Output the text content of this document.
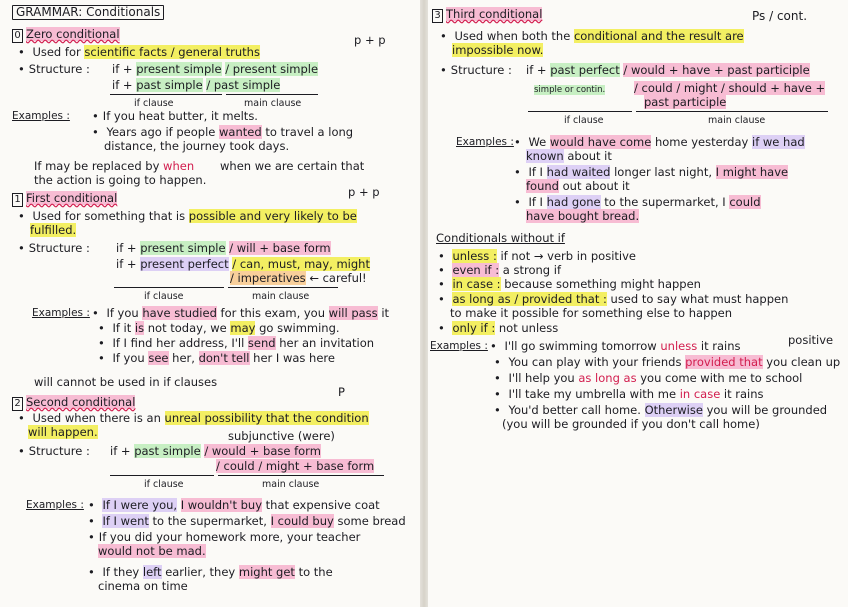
GRAMMAR: Conditionals
0 Zero conditional	p + p
• Used for scientific facts / general truths
• Structure : if + present simple / present simple
if + past simple / past simple
if clause	main clause
Examples :	• If you heat butter, it melts.
• Years ago if people wanted to travel a long
distance, the journey took days.
If may be replaced by when when we are certain that
the action is going to happen.
1 First conditional	p + p
• Used for something that is possible and very likely to be
fulfilled.
• Structure : if + present simple / will + base form
if + present perfect / can, must, may, might
/ imperatives ← careful!
if clause	main clause
Examples :	• If you have studied for this exam, you will pass it
• If it is not today, we may go swimming.
• If I find her address, I'll send her an invitation
• If you see her, don't tell her I was here
will cannot be used in if clauses
2 Second conditional
P
• Used when there is an unreal possibility that the condition
will happen.	subjunctive (were)
• Structure : if + past simple / would + base form
/ could / might + base form
if clause	main clause
Examples :	• If I were you, I wouldn't buy that expensive coat
• If I went to the supermarket, I could buy some bread
• If you did your homework more, your teacher
would not be mad.
• If they left earlier, they might get to the
cinema on time
3 Third conditional	Ps / cont.
• Used when both the conditional and the result are
impossible now.
• Structure : if + past perfect / would + have + past participle
simple or contin.	/ could / might / should + have +
past participle
if clause	main clause
Examples :	• We would have come home yesterday if we had
known about it
• If I had waited longer last night, I might have
found out about it
• If I had gone to the supermarket, I could
have bought bread.
Conditionals without if
• unless : if not → verb in positive
• even if : a strong if
• in case : because something might happen
• as long as / provided that : used to say what must happen
to make it possible for something else to happen
• only if : not unless
Examples :	positive
• I'll go swimming tomorrow unless it rains
• You can play with your friends provided that you clean up
• I'll help you as long as you come with me to school
• I'll take my umbrella with me in case it rains
• You'd better call home. Otherwise you will be grounded
(you will be grounded if you don't call home)
